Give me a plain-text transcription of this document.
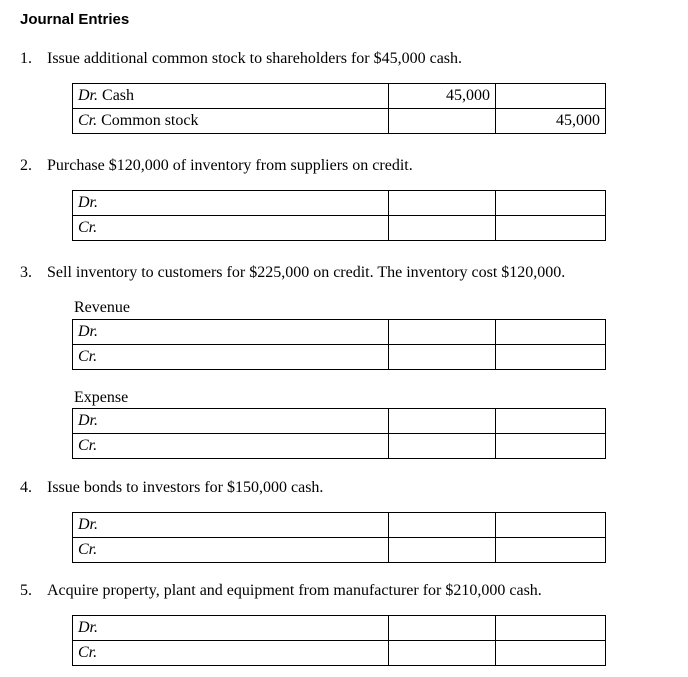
Journal Entries
1. Issue additional common stock to shareholders for $45,000 cash.
Dr. Cash	45,000	
Cr. Common stock		45,000
2. Purchase $120,000 of inventory from suppliers on credit.
Dr.		
Cr.		
3. Sell inventory to customers for $225,000 on credit. The inventory cost $120,000.
Revenue
Dr.		
Cr.		
Expense
Dr.		
Cr.		
4. Issue bonds to investors for $150,000 cash.
Dr.		
Cr.		
5. Acquire property, plant and equipment from manufacturer for $210,000 cash.
Dr.		
Cr.		
